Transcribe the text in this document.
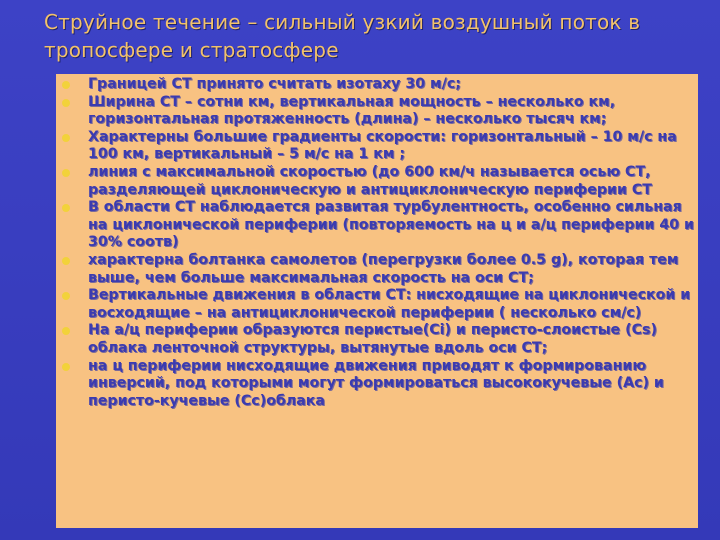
Струйное течение – сильный узкий воздушный поток в тропосфере и стратосфере
Границей СТ принято считать изотаху 30 м/с;
Ширина СТ – сотни км, вертикальная мощность – несколько км, горизонтальная протяженность (длина) – несколько тысяч км;
Характерны большие градиенты скорости: горизонтальный – 10 м/с на 100 км, вертикальный – 5 м/с на 1 км ;
линия с максимальной скоростью (до 600 км/ч называется осью СТ, разделяющей циклоническую и антициклоническую периферии СТ
В области СТ наблюдается развитая турбулентность, особенно сильная на циклонической периферии (повторяемость на ц и а/ц периферии 40 и 30% соотв)
характерна болтанка самолетов (перегрузки более 0.5 g), которая тем выше, чем больше максимальная скорость на оси СТ;
Вертикальные движения в области СТ: нисходящие на циклонической и восходящие – на антициклонической периферии ( несколько см/с)
На а/ц периферии образуются перистые(Ci) и перисто-слоистые (Cs) облака ленточной структуры, вытянутые вдоль оси СТ;
на ц периферии нисходящие движения приводят к формированию инверсий, под которыми могут формироваться высококучевые (Ac) и перисто-кучевые (Cc)облака
